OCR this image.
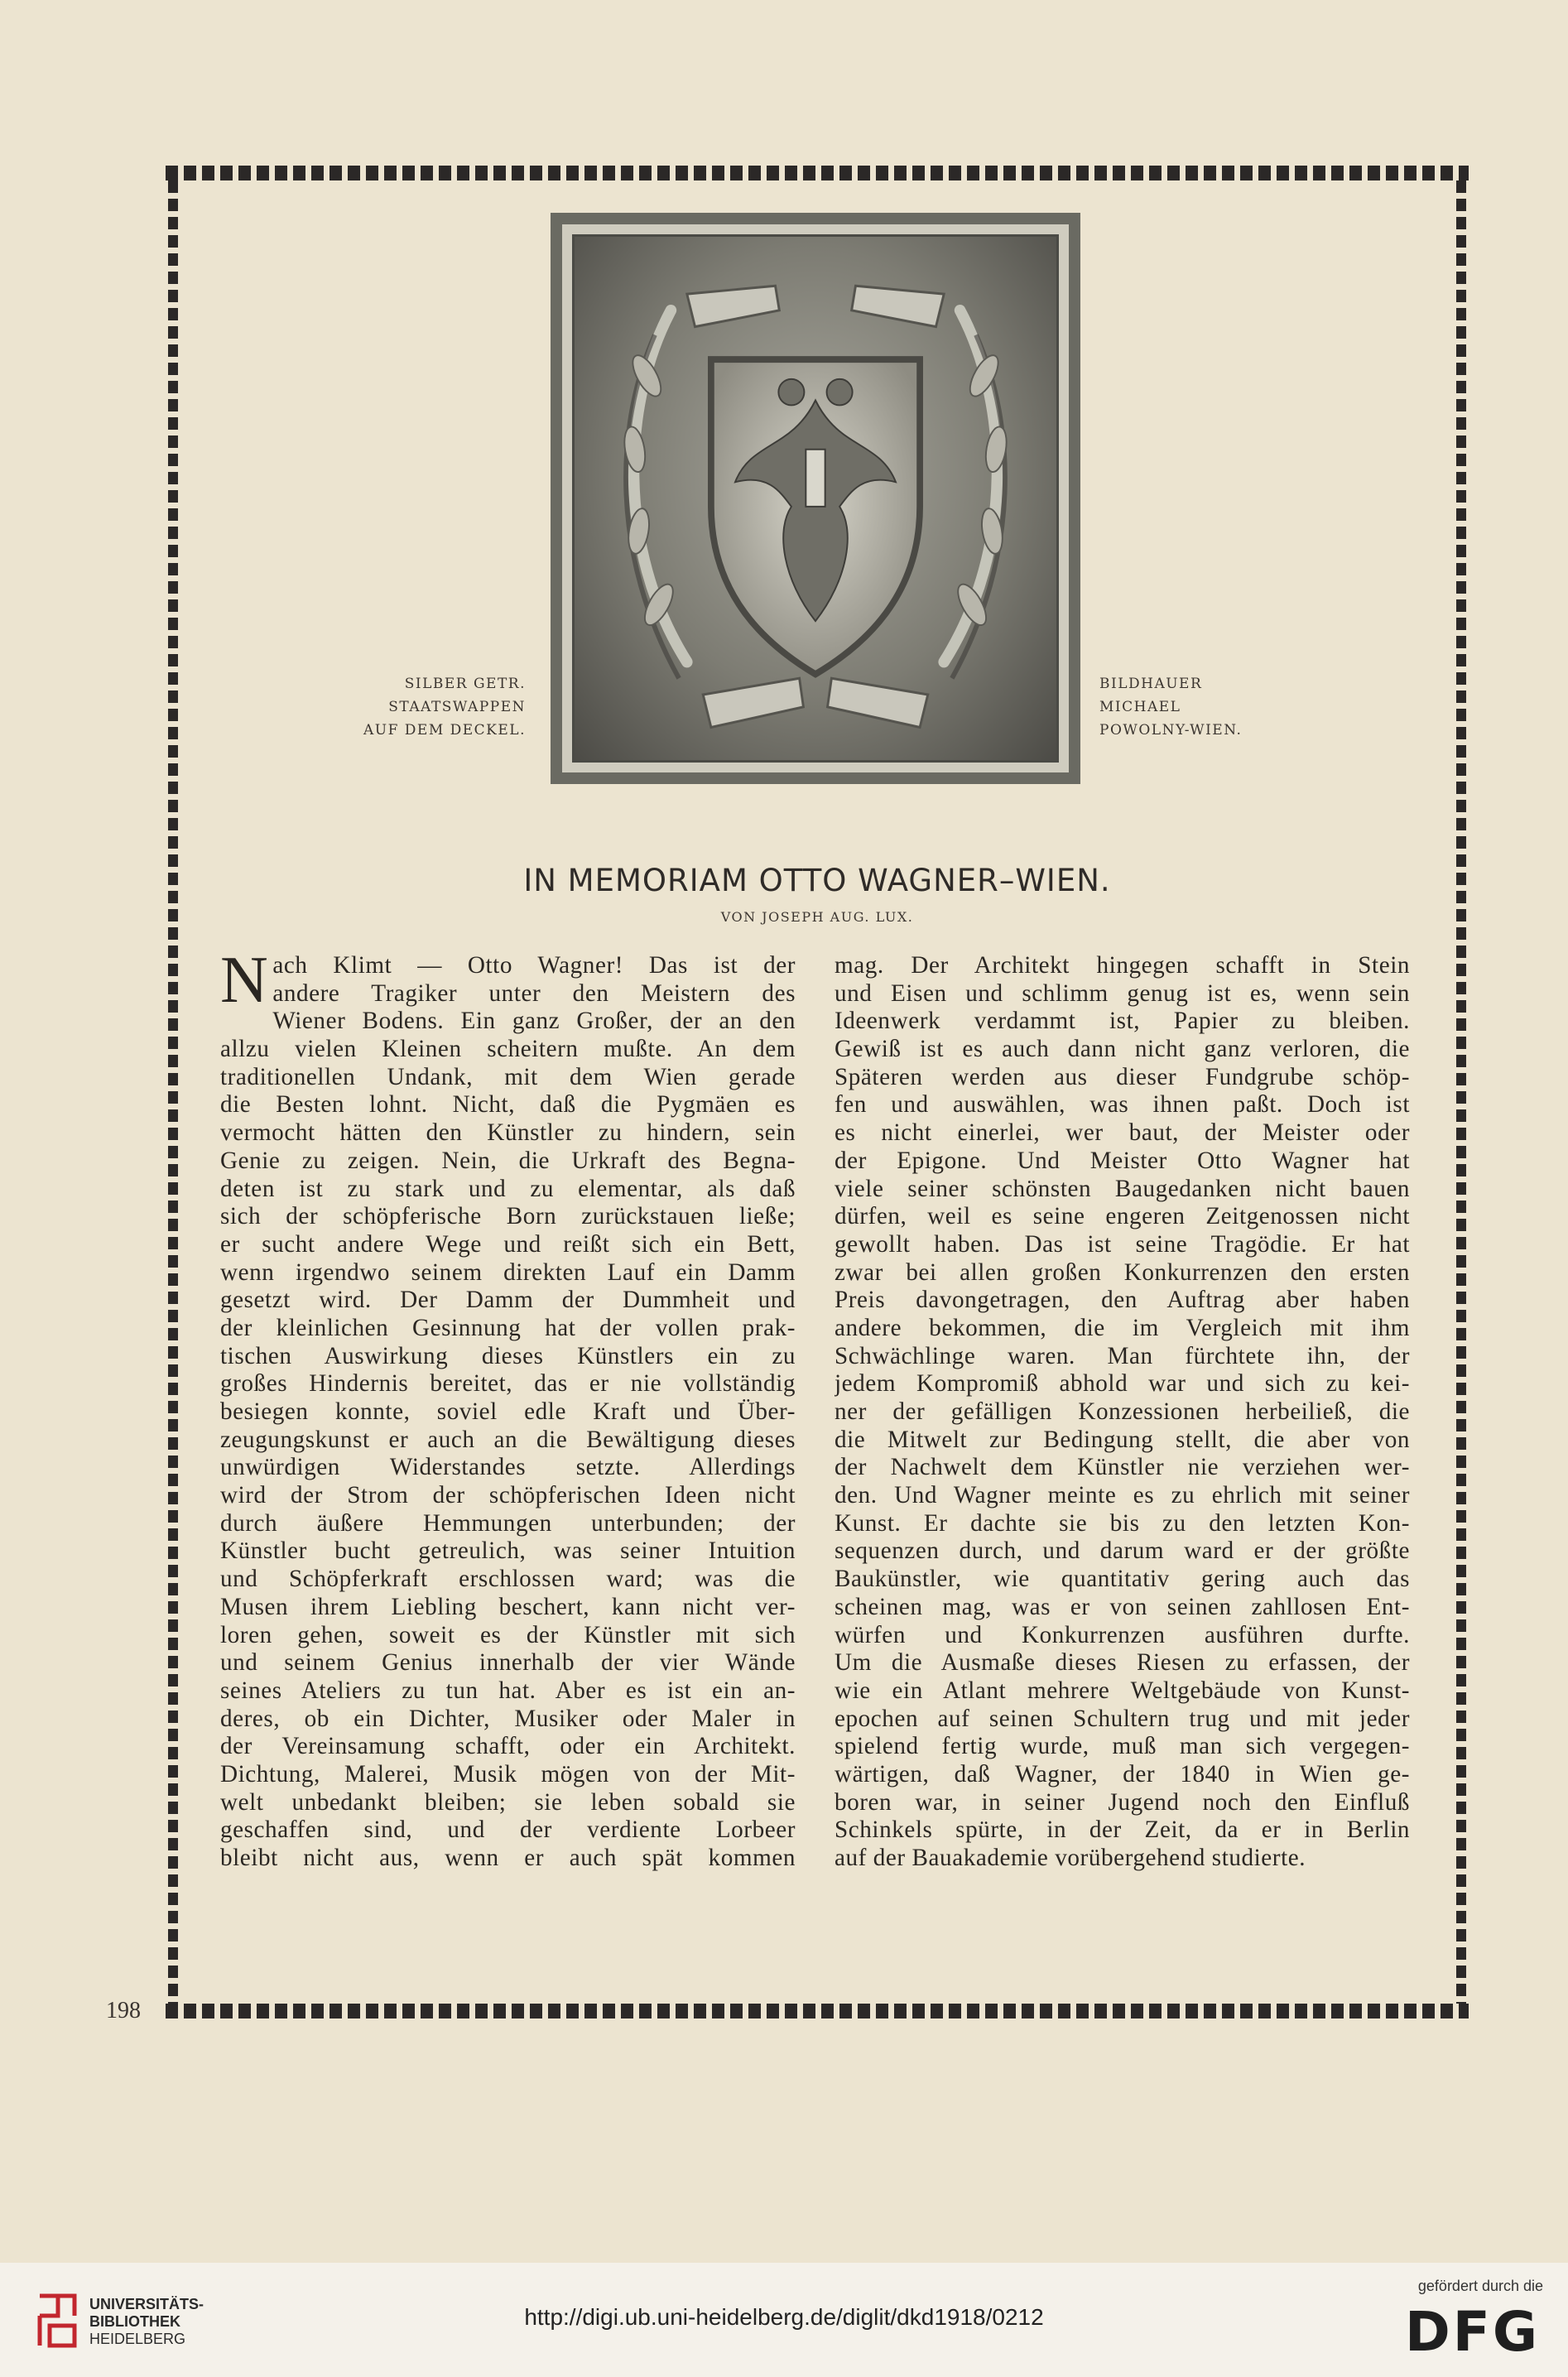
SILBER GETR.
STAATSWAPPEN
AUF DEM DECKEL.
BILDHAUER
MICHAEL
POWOLNY-WIEN.
IN MEMORIAM OTTO WAGNER–WIEN.
VON JOSEPH AUG. LUX.
N ach Klimt — Otto Wagner! Das ist der
andere Tragiker unter den Meistern des
Wiener Bodens. Ein ganz Großer, der an den
allzu vielen Kleinen scheitern mußte. An dem
traditionellen Undank, mit dem Wien gerade
die Besten lohnt. Nicht, daß die Pygmäen es
vermocht hätten den Künstler zu hindern, sein
Genie zu zeigen. Nein, die Urkraft des Begna-
deten ist zu stark und zu elementar, als daß
sich der schöpferische Born zurückstauen ließe;
er sucht andere Wege und reißt sich ein Bett,
wenn irgendwo seinem direkten Lauf ein Damm
gesetzt wird. Der Damm der Dummheit und
der kleinlichen Gesinnung hat der vollen prak-
tischen Auswirkung dieses Künstlers ein zu
großes Hindernis bereitet, das er nie vollständig
besiegen konnte, soviel edle Kraft und Über-
zeugungskunst er auch an die Bewältigung dieses
unwürdigen Widerstandes setzte. Allerdings
wird der Strom der schöpferischen Ideen nicht
durch äußere Hemmungen unterbunden; der
Künstler bucht getreulich, was seiner Intuition
und Schöpferkraft erschlossen ward; was die
Musen ihrem Liebling beschert, kann nicht ver-
loren gehen, soweit es der Künstler mit sich
und seinem Genius innerhalb der vier Wände
seines Ateliers zu tun hat. Aber es ist ein an-
deres, ob ein Dichter, Musiker oder Maler in
der Vereinsamung schafft, oder ein Architekt.
Dichtung, Malerei, Musik mögen von der Mit-
welt unbedankt bleiben; sie leben sobald sie
geschaffen sind, und der verdiente Lorbeer
bleibt nicht aus, wenn er auch spät kommen
mag. Der Architekt hingegen schafft in Stein
und Eisen und schlimm genug ist es, wenn sein
Ideenwerk verdammt ist, Papier zu bleiben.
Gewiß ist es auch dann nicht ganz verloren, die
Späteren werden aus dieser Fundgrube schöp-
fen und auswählen, was ihnen paßt. Doch ist
es nicht einerlei, wer baut, der Meister oder
der Epigone. Und Meister Otto Wagner hat
viele seiner schönsten Baugedanken nicht bauen
dürfen, weil es seine engeren Zeitgenossen nicht
gewollt haben. Das ist seine Tragödie. Er hat
zwar bei allen großen Konkurrenzen den ersten
Preis davongetragen, den Auftrag aber haben
andere bekommen, die im Vergleich mit ihm
Schwächlinge waren. Man fürchtete ihn, der
jedem Kompromiß abhold war und sich zu kei-
ner der gefälligen Konzessionen herbeiließ, die
die Mitwelt zur Bedingung stellt, die aber von
der Nachwelt dem Künstler nie verziehen wer-
den. Und Wagner meinte es zu ehrlich mit seiner
Kunst. Er dachte sie bis zu den letzten Kon-
sequenzen durch, und darum ward er der größte
Baukünstler, wie quantitativ gering auch das
scheinen mag, was er von seinen zahllosen Ent-
würfen und Konkurrenzen ausführen durfte.
Um die Ausmaße dieses Riesen zu erfassen, der
wie ein Atlant mehrere Weltgebäude von Kunst-
epochen auf seinen Schultern trug und mit jeder
spielend fertig wurde, muß man sich vergegen-
wärtigen, daß Wagner, der 1840 in Wien ge-
boren war, in seiner Jugend noch den Einfluß
Schinkels spürte, in der Zeit, da er in Berlin
auf der Bauakademie vorübergehend studierte.
198
UNIVERSITÄTS-
BIBLIOTHEK
HEIDELBERG
http://digi.ub.uni-heidelberg.de/diglit/dkd1918/0212
gefördert durch die
DFG
